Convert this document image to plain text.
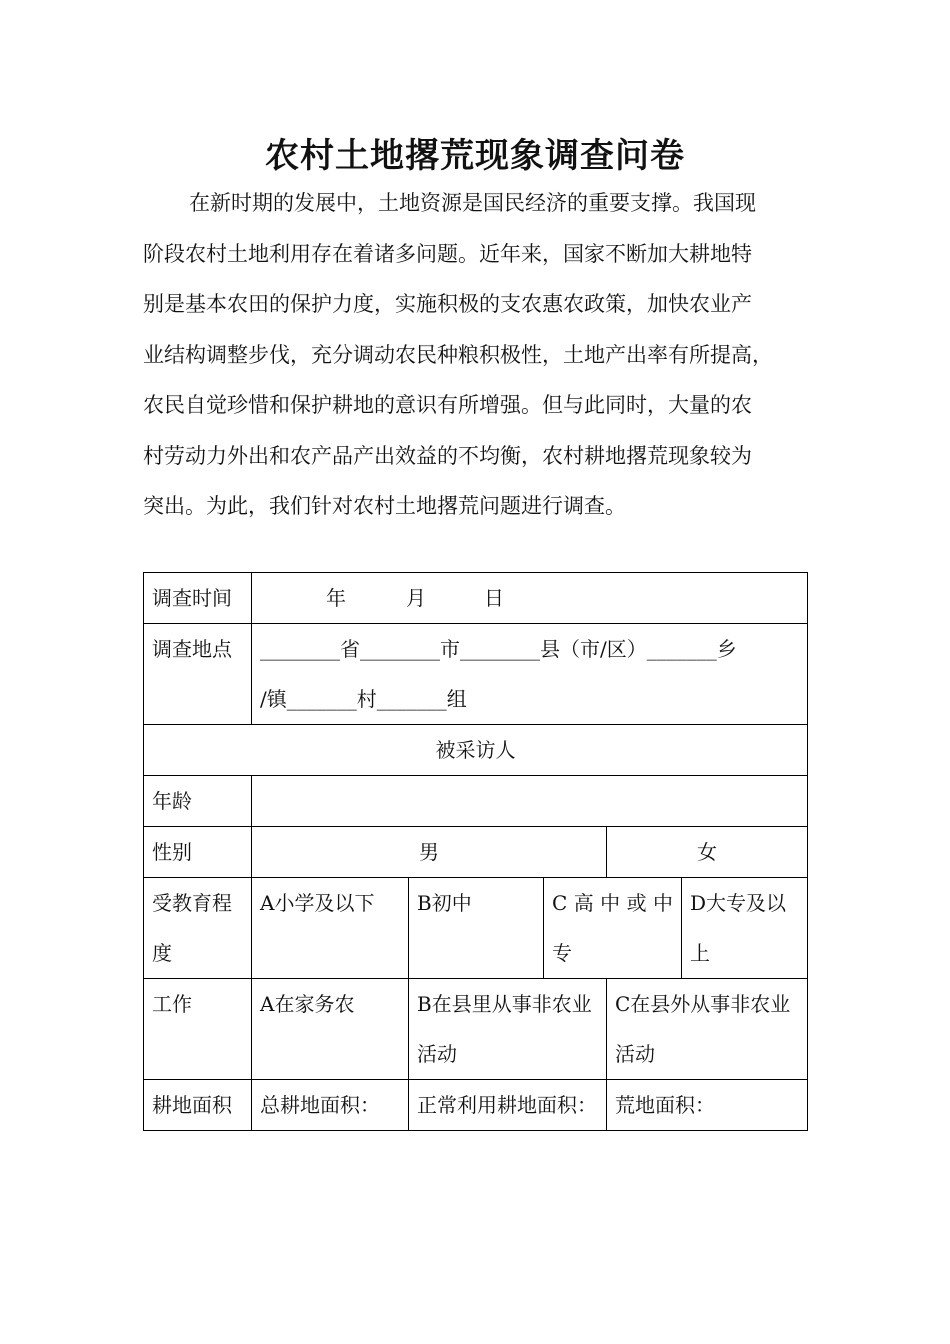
农村土地撂荒现象调查问卷
在新时期的发展中，土地资源是国民经济的重要支撑。我国现
阶段农村土地利用存在着诸多问题。近年来，国家不断加大耕地特
别是基本农田的保护力度，实施积极的支农惠农政策，加快农业产
业结构调整步伐，充分调动农民种粮积极性，土地产出率有所提高，
农民自觉珍惜和保护耕地的意识有所增强。但与此同时，大量的农
村劳动力外出和农产品产出效益的不均衡，农村耕地撂荒现象较为
突出。为此，我们针对农村土地撂荒问题进行调查。
调查时间	年 月 日				

调查地点	________省________市________县（市/区）_______乡
/镇_______村_______组				

被采访人					

年龄					

性别	男			女	

受教育程度	A小学及以下	B初中	C 高 中 或 中 专		D大专及以上

工作	A在家务农	B在县里从事非农业活动		C在县外从事非农业活动	

耕地面积	总耕地面积：	正常利用耕地面积：		荒地面积：	
